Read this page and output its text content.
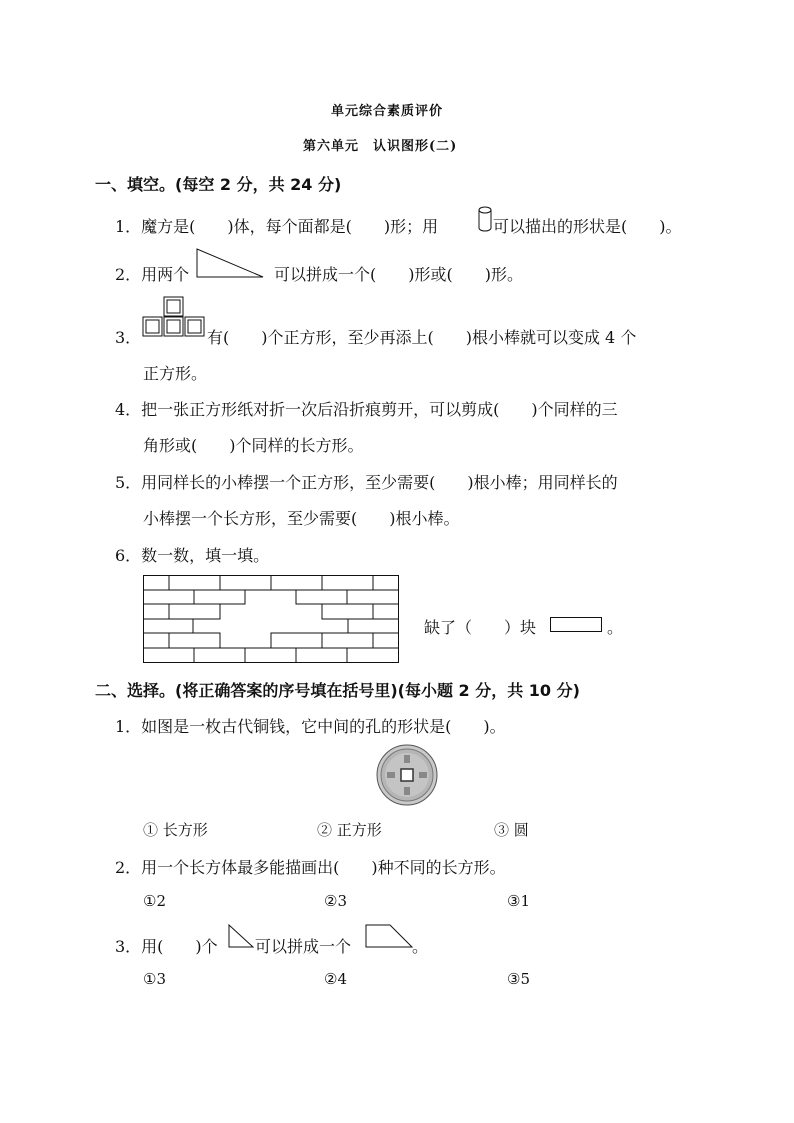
单元综合素质评价
第六单元　认识图形(二)
一、填空。(每空 2 分，共 24 分)
1．魔方是(　　)体，每个面都是(　　)形；用	可以描出的形状是(　　)。
2．用两个	可以拼成一个(　　)形或(　　)形。
3．	有(　　)个正方形，至少再添上(　　)根小棒就可以变成 4 个
正方形。
4．把一张正方形纸对折一次后沿折痕剪开，可以剪成(　　)个同样的三
角形或(　　)个同样的长方形。
5．用同样长的小棒摆一个正方形，至少需要(　　)根小棒；用同样长的
小棒摆一个长方形，至少需要(　　)根小棒。
6．数一数，填一填。
缺了（　　）块	。
二、选择。(将正确答案的序号填在括号里)(每小题 2 分，共 10 分)
1．如图是一枚古代铜钱，它中间的孔的形状是(　　)。
① 长方形	② 正方形	③ 圆
2．用一个长方体最多能描画出(　　)种不同的长方形。
①2	②3	③1
3．用(　　)个 可以拼成一个	。
①3	②4	③5
